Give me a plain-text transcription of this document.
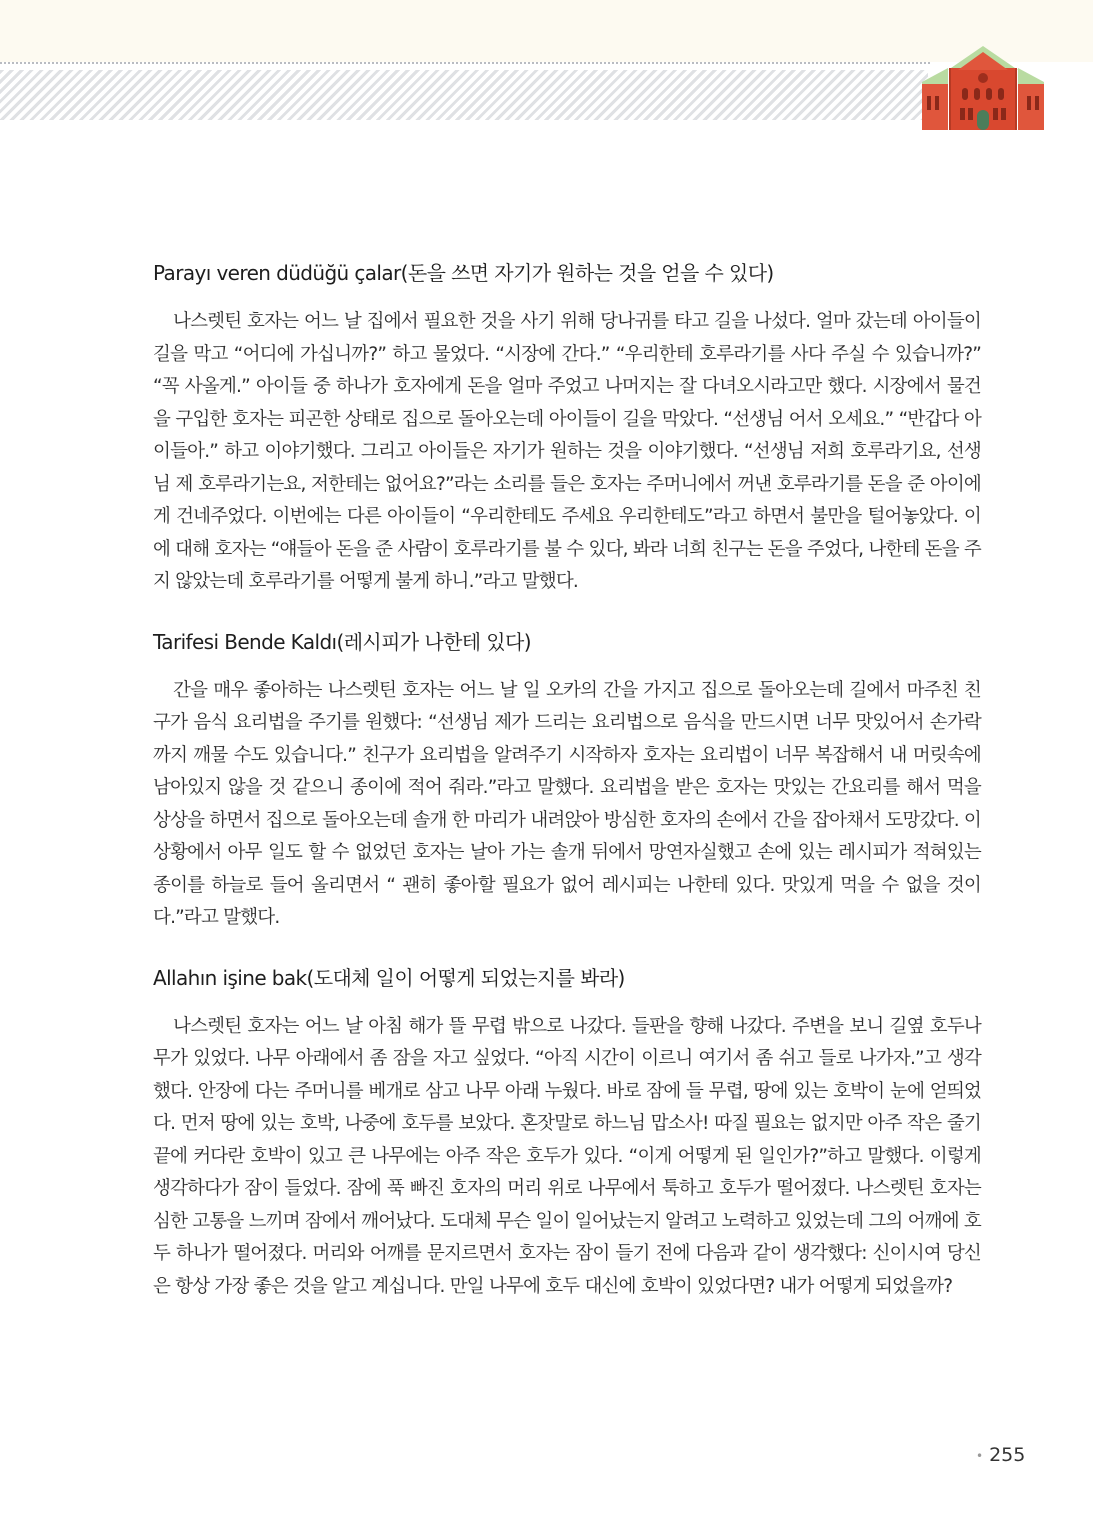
Parayı veren düdüğü çalar(돈을 쓰면 자기가 원하는 것을 얻을 수 있다)

나스렛틴 호자는 어느 날 집에서 필요한 것을 사기 위해 당나귀를 타고 길을 나섰다. 얼마 갔는데 아이들이 길을 막고 “어디에 가십니까?” 하고 물었다. “시장에 간다.” “우리한테 호루라기를 사다 주실 수 있습니까?” “꼭 사올게.” 아이들 중 하나가 호자에게 돈을 얼마 주었고 나머지는 잘 다녀오시라고만 했다. 시장에서 물건을 구입한 호자는 피곤한 상태로 집으로 돌아오는데 아이들이 길을 막았다. “선생님 어서 오세요.” “반갑다 아이들아.” 하고 이야기했다. 그리고 아이들은 자기가 원하는 것을 이야기했다. “선생님 저희 호루라기요, 선생님 제 호루라기는요, 저한테는 없어요?”라는 소리를 들은 호자는 주머니에서 꺼낸 호루라기를 돈을 준 아이에게 건네주었다. 이번에는 다른 아이들이 “우리한테도 주세요 우리한테도”라고 하면서 불만을 털어놓았다. 이에 대해 호자는 “얘들아 돈을 준 사람이 호루라기를 불 수 있다, 봐라 너희 친구는 돈을 주었다, 나한테 돈을 주지 않았는데 호루라기를 어떻게 불게 하니.”라고 말했다.

Tarifesi Bende Kaldı(레시피가 나한테 있다)

간을 매우 좋아하는 나스렛틴 호자는 어느 날 일 오카의 간을 가지고 집으로 돌아오는데 길에서 마주친 친구가 음식 요리법을 주기를 원했다: “선생님 제가 드리는 요리법으로 음식을 만드시면 너무 맛있어서 손가락까지 깨물 수도 있습니다.” 친구가 요리법을 알려주기 시작하자 호자는 요리법이 너무 복잡해서 내 머릿속에 남아있지 않을 것 같으니 종이에 적어 줘라.”라고 말했다. 요리법을 받은 호자는 맛있는 간요리를 해서 먹을 상상을 하면서 집으로 돌아오는데 솔개 한 마리가 내려앉아 방심한 호자의 손에서 간을 잡아채서 도망갔다. 이 상황에서 아무 일도 할 수 없었던 호자는 날아 가는 솔개 뒤에서 망연자실했고 손에 있는 레시피가 적혀있는 종이를 하늘로 들어 올리면서 “ 괜히 좋아할 필요가 없어 레시피는 나한테 있다. 맛있게 먹을 수 없을 것이다.”라고 말했다.

Allahın işine bak(도대체 일이 어떻게 되었는지를 봐라)

나스렛틴 호자는 어느 날 아침 해가 뜰 무렵 밖으로 나갔다. 들판을 향해 나갔다. 주변을 보니 길옆 호두나무가 있었다. 나무 아래에서 좀 잠을 자고 싶었다. “아직 시간이 이르니 여기서 좀 쉬고 들로 나가자.”고 생각했다. 안장에 다는 주머니를 베개로 삼고 나무 아래 누웠다. 바로 잠에 들 무렵, 땅에 있는 호박이 눈에 얻띄었다. 먼저 땅에 있는 호박, 나중에 호두를 보았다. 혼잣말로 하느님 맙소사! 따질 필요는 없지만 아주 작은 줄기 끝에 커다란 호박이 있고 큰 나무에는 아주 작은 호두가 있다. “이게 어떻게 된 일인가?”하고 말했다. 이렇게 생각하다가 잠이 들었다. 잠에 푹 빠진 호자의 머리 위로 나무에서 툭하고 호두가 떨어졌다. 나스렛틴 호자는 심한 고통을 느끼며 잠에서 깨어났다. 도대체 무슨 일이 일어났는지 알려고 노력하고 있었는데 그의 어깨에 호두 하나가 떨어졌다. 머리와 어깨를 문지르면서 호자는 잠이 들기 전에 다음과 같이 생각했다: 신이시여 당신은 항상 가장 좋은 것을 알고 계십니다. 만일 나무에 호두 대신에 호박이 있었다면? 내가 어떻게 되었을까?

• 255
